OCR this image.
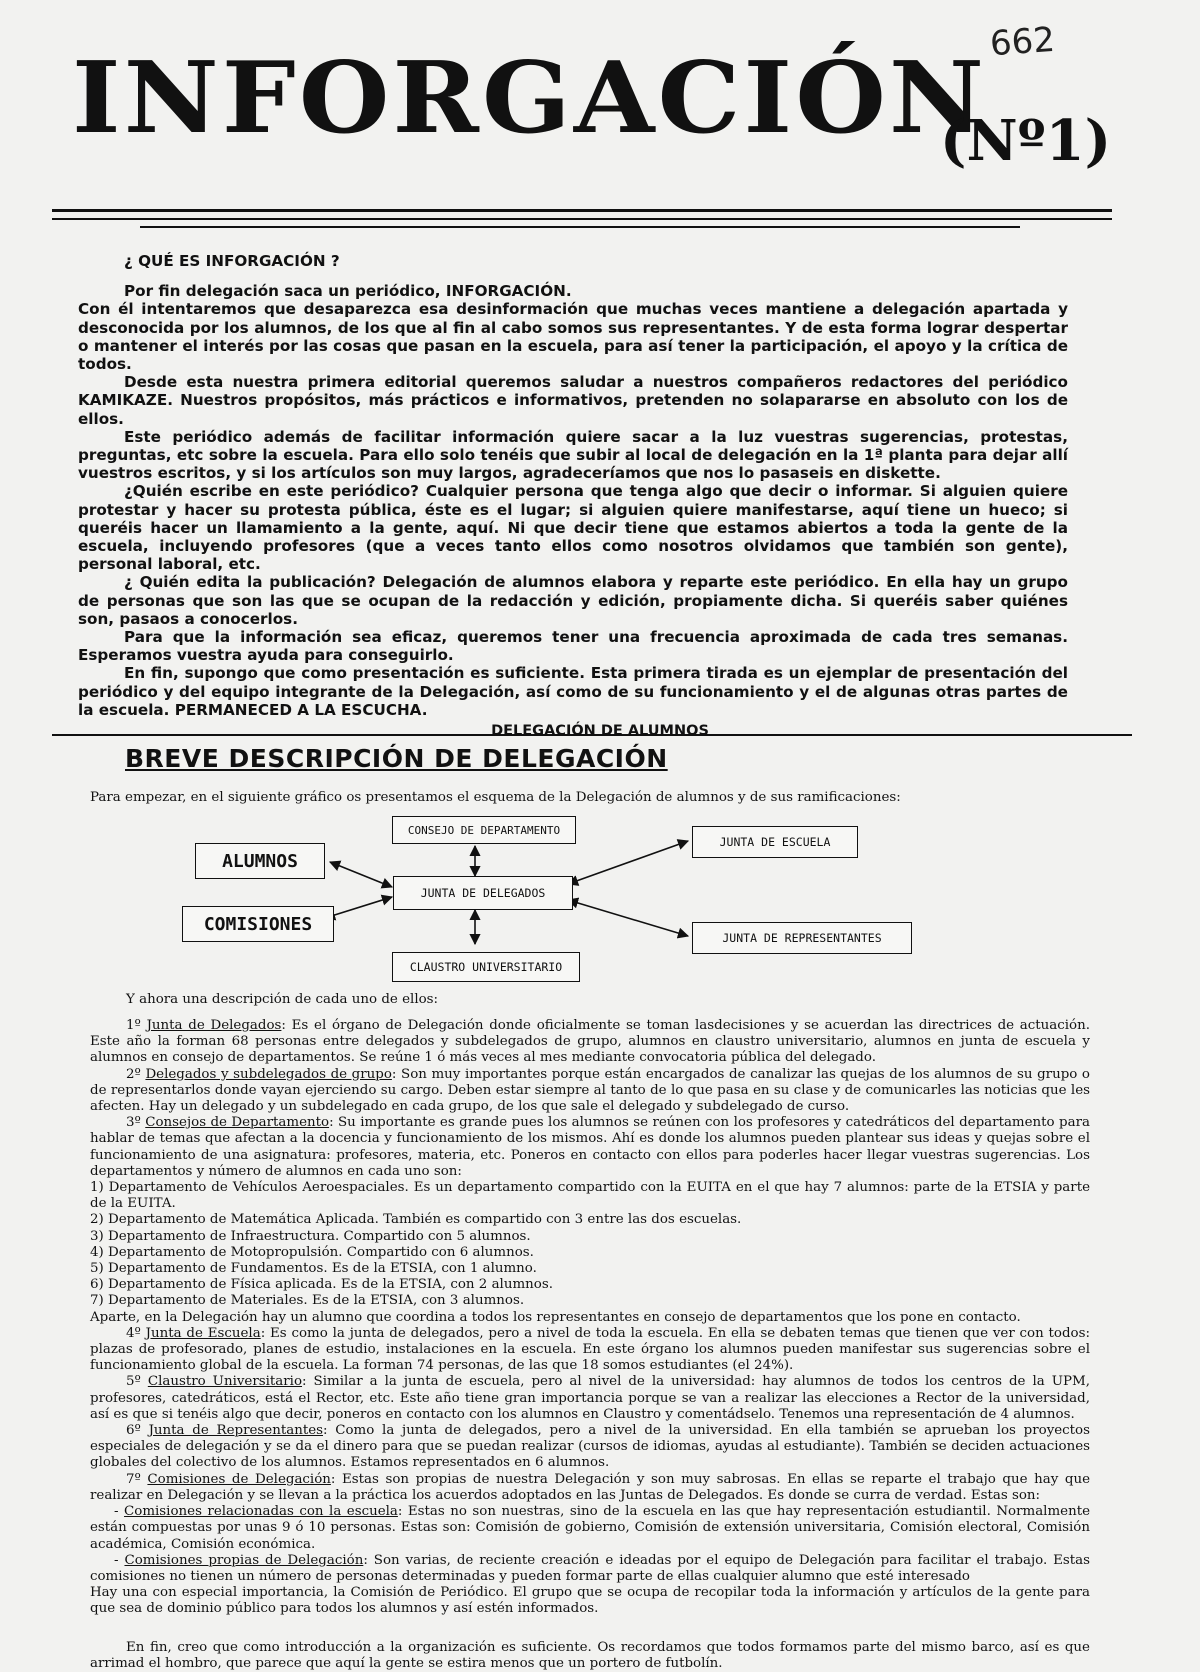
662
INFORGACIÓN
(Nº1)

¿ QUÉ ES INFORGACIÓN ?

Por fin delegación saca un periódico, INFORGACIÓN.

Con él intentaremos que desaparezca esa desinformación que muchas veces mantiene a delegación apartada y desconocida por los alumnos, de los que al fin al cabo somos sus representantes. Y de esta forma lograr despertar o mantener el interés por las cosas que pasan en la escuela, para así tener la participación, el apoyo y la crítica de todos.

Desde esta nuestra primera editorial queremos saludar a nuestros compañeros redactores del periódico KAMIKAZE. Nuestros propósitos, más prácticos e informativos, pretenden no solapararse en absoluto con los de ellos.

Este periódico además de facilitar información quiere sacar a la luz vuestras sugerencias, protestas, preguntas, etc sobre la escuela. Para ello solo tenéis que subir al local de delegación en la 1ª planta para dejar allí vuestros escritos, y si los artículos son muy largos, agradeceríamos que nos lo pasaseis en diskette.

¿Quién escribe en este periódico? Cualquier persona que tenga algo que decir o informar. Si alguien quiere protestar y hacer su protesta pública, éste es el lugar; si alguien quiere manifestarse, aquí tiene un hueco; si queréis hacer un llamamiento a la gente, aquí. Ni que decir tiene que estamos abiertos a toda la gente de la escuela, incluyendo profesores (que a veces tanto ellos como nosotros olvidamos que también son gente), personal laboral, etc.

¿ Quién edita la publicación? Delegación de alumnos elabora y reparte este periódico. En ella hay un grupo de personas que son las que se ocupan de la redacción y edición, propiamente dicha. Si queréis saber quiénes son, pasaos a conocerlos.

Para que la información sea eficaz, queremos tener una frecuencia aproximada de cada tres semanas. Esperamos vuestra ayuda para conseguirlo.

En fin, supongo que como presentación es suficiente. Esta primera tirada es un ejemplar de presentación del periódico y del equipo integrante de la Delegación, así como de su funcionamiento y el de algunas otras partes de la escuela. PERMANECED A LA ESCUCHA.

DELEGACIÓN DE ALUMNOS
BREVE DESCRIPCIÓN DE DELEGACIÓN
Para empezar, en el siguiente gráfico os presentamos el esquema de la Delegación de alumnos y de sus ramificaciones:
CONSEJO DE DEPARTAMENTO
ALUMNOS
JUNTA DE ESCUELA
JUNTA DE DELEGADOS
COMISIONES
JUNTA DE REPRESENTANTES
CLAUSTRO UNIVERSITARIO
Y ahora una descripción de cada uno de ellos:

1º Junta de Delegados: Es el órgano de Delegación donde oficialmente se toman lasdecisiones y se acuerdan las directrices de actuación. Este año la forman 68 personas entre delegados y subdelegados de grupo, alumnos en claustro universitario, alumnos en junta de escuela y alumnos en consejo de departamentos. Se reúne 1 ó más veces al mes mediante convocatoria pública del delegado.

2º Delegados y subdelegados de grupo: Son muy importantes porque están encargados de canalizar las quejas de los alumnos de su grupo o de representarlos donde vayan ejerciendo su cargo. Deben estar siempre al tanto de lo que pasa en su clase y de comunicarles las noticias que les afecten. Hay un delegado y un subdelegado en cada grupo, de los que sale el delegado y subdelegado de curso.

3º Consejos de Departamento: Su importante es grande pues los alumnos se reúnen con los profesores y catedráticos del departamento para hablar de temas que afectan a la docencia y funcionamiento de los mismos. Ahí es donde los alumnos pueden plantear sus ideas y quejas sobre el funcionamiento de una asignatura: profesores, materia, etc. Poneros en contacto con ellos para poderles hacer llegar vuestras sugerencias. Los departamentos y número de alumnos en cada uno son:

1) Departamento de Vehículos Aeroespaciales. Es un departamento compartido con la EUITA en el que hay 7 alumnos: parte de la ETSIA y parte de la EUITA.

2) Departamento de Matemática Aplicada. También es compartido con 3 entre las dos escuelas.

3) Departamento de Infraestructura. Compartido con 5 alumnos.

4) Departamento de Motopropulsión. Compartido con 6 alumnos.

5) Departamento de Fundamentos. Es de la ETSIA, con 1 alumno.

6) Departamento de Física aplicada. Es de la ETSIA, con 2 alumnos.

7) Departamento de Materiales. Es de la ETSIA, con 3 alumnos.

Aparte, en la Delegación hay un alumno que coordina a todos los representantes en consejo de departamentos que los pone en contacto.

4º Junta de Escuela: Es como la junta de delegados, pero a nivel de toda la escuela. En ella se debaten temas que tienen que ver con todos: plazas de profesorado, planes de estudio, instalaciones en la escuela. En este órgano los alumnos pueden manifestar sus sugerencias sobre el funcionamiento global de la escuela. La forman 74 personas, de las que 18 somos estudiantes (el 24%).

5º Claustro Universitario: Similar a la junta de escuela, pero al nivel de la universidad: hay alumnos de todos los centros de la UPM, profesores, catedráticos, está el Rector, etc. Este año tiene gran importancia porque se van a realizar las elecciones a Rector de la universidad, así es que si tenéis algo que decir, poneros en contacto con los alumnos en Claustro y comentádselo. Tenemos una representación de 4 alumnos.

6º Junta de Representantes: Como la junta de delegados, pero a nivel de la universidad. En ella también se aprueban los proyectos especiales de delegación y se da el dinero para que se puedan realizar (cursos de idiomas, ayudas al estudiante). También se deciden actuaciones globales del colectivo de los alumnos. Estamos representados en 6 alumnos.

7º Comisiones de Delegación: Estas son propias de nuestra Delegación y son muy sabrosas. En ellas se reparte el trabajo que hay que realizar en Delegación y se llevan a la práctica los acuerdos adoptados en las Juntas de Delegados. Es donde se curra de verdad. Estas son:

- Comisiones relacionadas con la escuela: Estas no son nuestras, sino de la escuela en las que hay representación estudiantil. Normalmente están compuestas por unas 9 ó 10 personas. Estas son: Comisión de gobierno, Comisión de extensión universitaria, Comisión electoral, Comisión académica, Comisión económica.

- Comisiones propias de Delegación: Son varias, de reciente creación e ideadas por el equipo de Delegación para facilitar el trabajo. Estas comisiones no tienen un número de personas determinadas y pueden formar parte de ellas cualquier alumno que esté interesado

Hay una con especial importancia, la Comisión de Periódico. El grupo que se ocupa de recopilar toda la información y artículos de la gente para que sea de dominio público para todos los alumnos y así estén informados.

En fin, creo que como introducción a la organización es suficiente. Os recordamos que todos formamos parte del mismo barco, así es que arrimad el hombro, que parece que aquí la gente se estira menos que un portero de futbolín.
